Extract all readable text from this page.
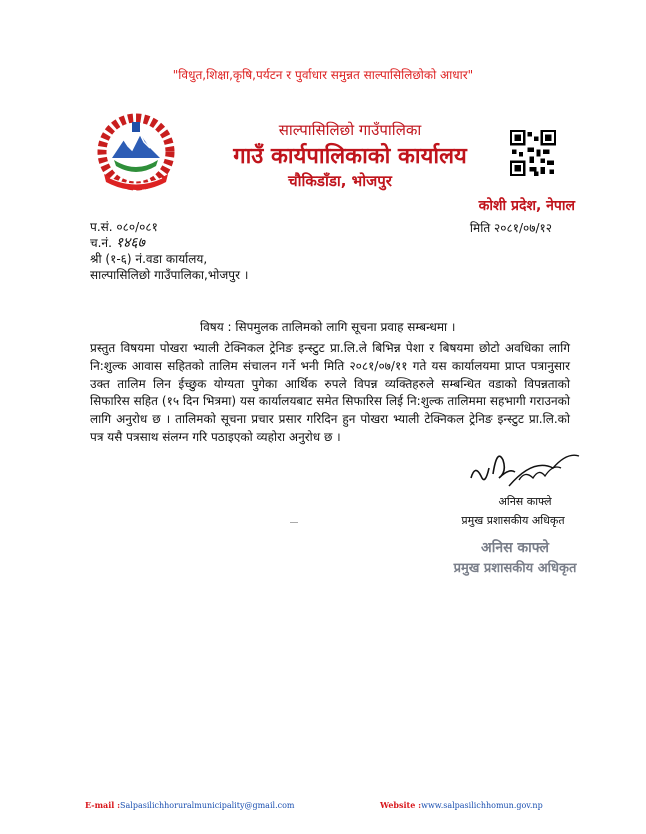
"विधुत,शिक्षा,कृषि,पर्यटन र पुर्वाधार समुन्नत साल्पासिलिछोको आधार"
साल्पासिलिछो गाउँपालिका
गाउँ कार्यपालिकाको कार्यालय
चौकिडाँडा, भोजपुर
कोशी प्रदेश, नेपाल
मिति २०८१/०७/१२
प.सं. ०८०/०८१
च.नं. १४६७
श्री (१-६) नं.वडा कार्यालय,
साल्पासिलिछो गाउँपालिका,भोजपुर ।
विषय : सिपमुलक तालिमको लागि सूचना प्रवाह सम्बन्धमा ।
प्रस्तुत विषयमा पोखरा भ्याली टेक्निकल ट्रेनिङ इन्स्टुट प्रा.लि.ले बिभिन्न पेशा र बिषयमा छोटो अवधिका लागि नि:शुल्क आवास सहितको तालिम संचालन गर्ने भनी मिति २०८१/०७/११ गते यस कार्यालयमा प्राप्त पत्रानुसार उक्त तालिम लिन ईच्छुक योग्यता पुगेका आर्थिक रुपले विपन्न व्यक्तिहरुले सम्बन्धित वडाको विपन्नताको सिफारिस सहित (१५ दिन भित्रमा) यस कार्यालयबाट समेत सिफारिस लिई नि:शुल्क तालिममा सहभागी गराउनको लागि अनुरोध छ । तालिमको सूचना प्रचार प्रसार गरिदिन हुन पोखरा भ्याली टेक्निकल ट्रेनिङ इन्स्टुट प्रा.लि.को पत्र यसै पत्रसाथ संलग्न गरि पठाइएको व्यहोरा अनुरोध छ ।
अनिस काफ्ले
प्रमुख प्रशासकीय अधिकृत
अनिस काफ्ले
प्रमुख प्रशासकीय अधिकृत
E-mail :Salpasilichhoruralmunicipality@gmail.com	Website :www.salpasilichhomun.gov.np
